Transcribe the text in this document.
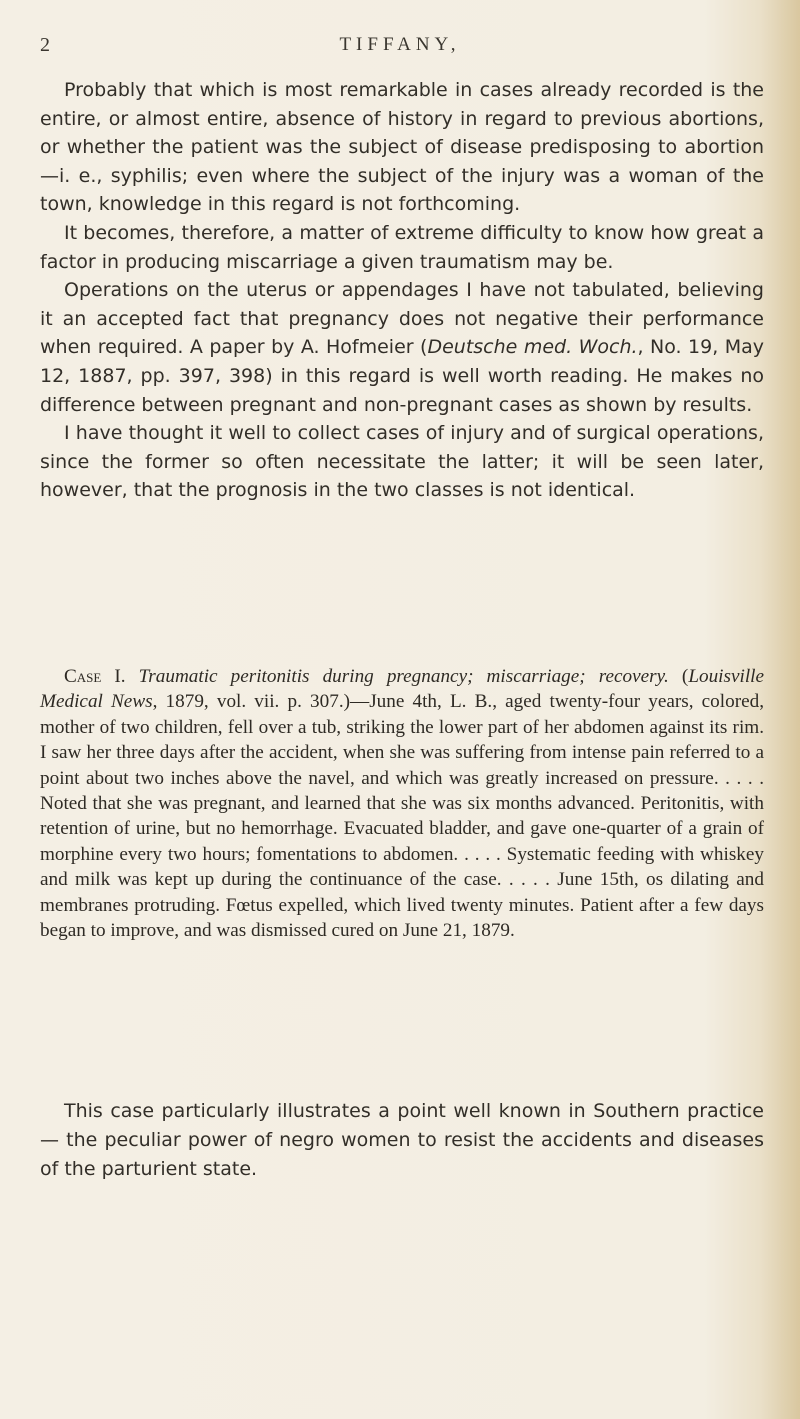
2	TIFFANY,

Probably that which is most remarkable in cases already recorded is the entire, or almost entire, absence of history in regard to previous abortions, or whether the patient was the subject of disease predisposing to abortion—i. e., syphilis; even where the subject of the injury was a woman of the town, knowledge in this regard is not forthcoming.

It becomes, therefore, a matter of extreme difficulty to know how great a factor in producing miscarriage a given traumatism may be.

Operations on the uterus or appendages I have not tabulated, believing it an accepted fact that pregnancy does not negative their performance when required. A paper by A. Hofmeier (Deutsche med. Woch., No. 19, May 12, 1887, pp. 397, 398) in this regard is well worth reading. He makes no difference between pregnant and non-pregnant cases as shown by results.

I have thought it well to collect cases of injury and of surgical operations, since the former so often necessitate the latter; it will be seen later, however, that the prognosis in the two classes is not identical.

Case I. Traumatic peritonitis during pregnancy; miscarriage; recovery. (Louisville Medical News, 1879, vol. vii. p. 307.)—June 4th, L. B., aged twenty-four years, colored, mother of two children, fell over a tub, striking the lower part of her abdomen against its rim. I saw her three days after the accident, when she was suffering from intense pain referred to a point about two inches above the navel, and which was greatly increased on pressure. . . . . Noted that she was pregnant, and learned that she was six months advanced. Peritonitis, with retention of urine, but no hemorrhage. Evacuated bladder, and gave one-quarter of a grain of morphine every two hours; fomentations to abdomen. . . . . Systematic feeding with whiskey and milk was kept up during the continuance of the case. . . . . June 15th, os dilating and membranes protruding. Fœtus expelled, which lived twenty minutes. Patient after a few days began to improve, and was dismissed cured on June 21, 1879.

This case particularly illustrates a point well known in Southern practice — the peculiar power of negro women to resist the accidents and diseases of the parturient state.
